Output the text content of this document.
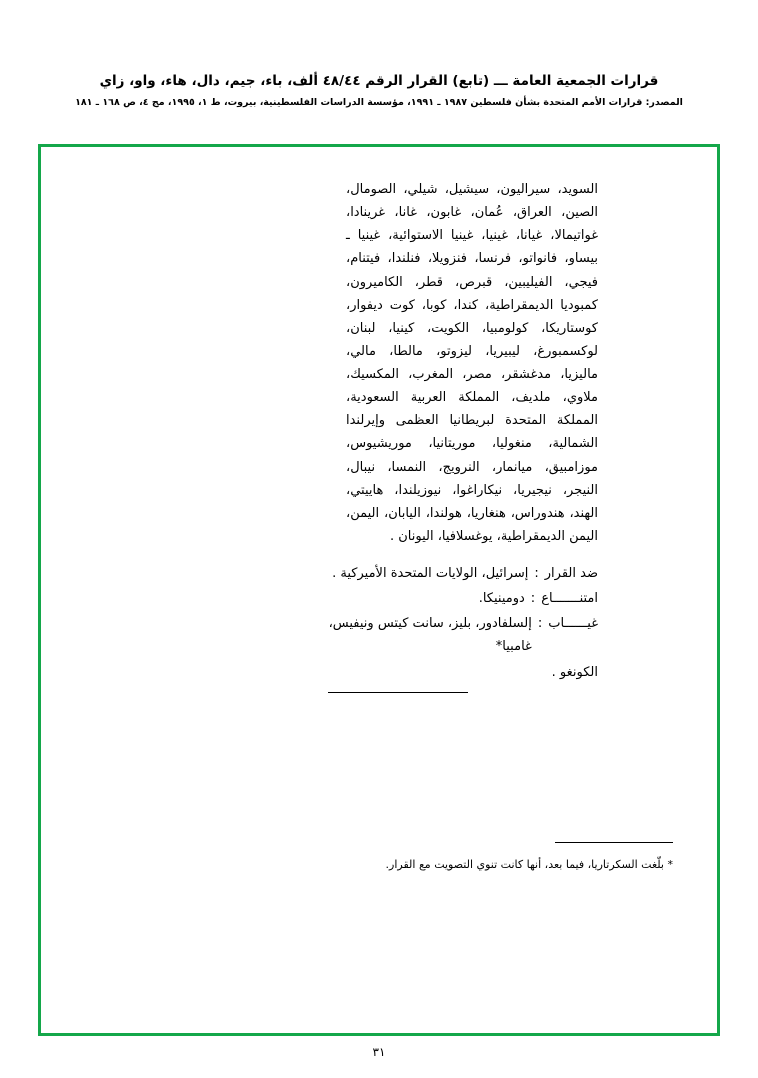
قرارات الجمعية العامة ـــ (تابع) القرار الرقم ٤٨/٤٤ ألف، باء، جيم، دال، هاء، واو، زاي
المصدر: قرارات الأمم المتحدة بشأن فلسطين ١٩٨٧ ـ ١٩٩١، مؤسسة الدراسات الفلسطينية، بيروت، ط ١، ١٩٩٥، مج ٤، ص ١٦٨ ـ ١٨١

السويد، سيراليون، سيشيل، شيلي، الصومال، الصين، العراق، عُمان، غابون، غانا، غرينادا، غواتيمالا، غيانا، غينيا، غينيا الاستوائية، غينيا ـ بيساو، فانواتو، فرنسا، فنزويلا، فنلندا، فيتنام، فيجي، الفيليبين، قبرص، قطر، الكاميرون، كمبوديا الديمقراطية، كندا، كوبا، كوت ديفوار، كوستاريكا، كولومبيا، الكويت، كينيا، لبنان، لوكسمبورغ، ليبيريا، ليزوتو، مالطا، مالي، ماليزيا، مدغشقر، مصر، المغرب، المكسيك، ملاوي، ملديف، المملكة العربية السعودية، المملكة المتحدة لبريطانيا العظمى وإيرلندا الشمالية، منغوليا، موريتانيا، موريشيوس، موزامبيق، ميانمار، النرويج، النمسا، نيبال، النيجر، نيجيريا، نيكاراغوا، نيوزيلندا، هاييتي، الهند، هندوراس، هنغاريا، هولندا، اليابان، اليمن، اليمن الديمقراطية، يوغسلافيا، اليونان .

ضد القرار
:
إسرائيل، الولايات المتحدة الأميركية .
امتنـــــــاع
:
دومينيكا.
غيــــــاب
:
إلسلفادور، بليز، سانت كيتس ونيفيس، غامبيا*
الكونغو .
* بلّغت السكرتاريا، فيما بعد، أنها كانت تنوي التصويت مع القرار.
٣١
